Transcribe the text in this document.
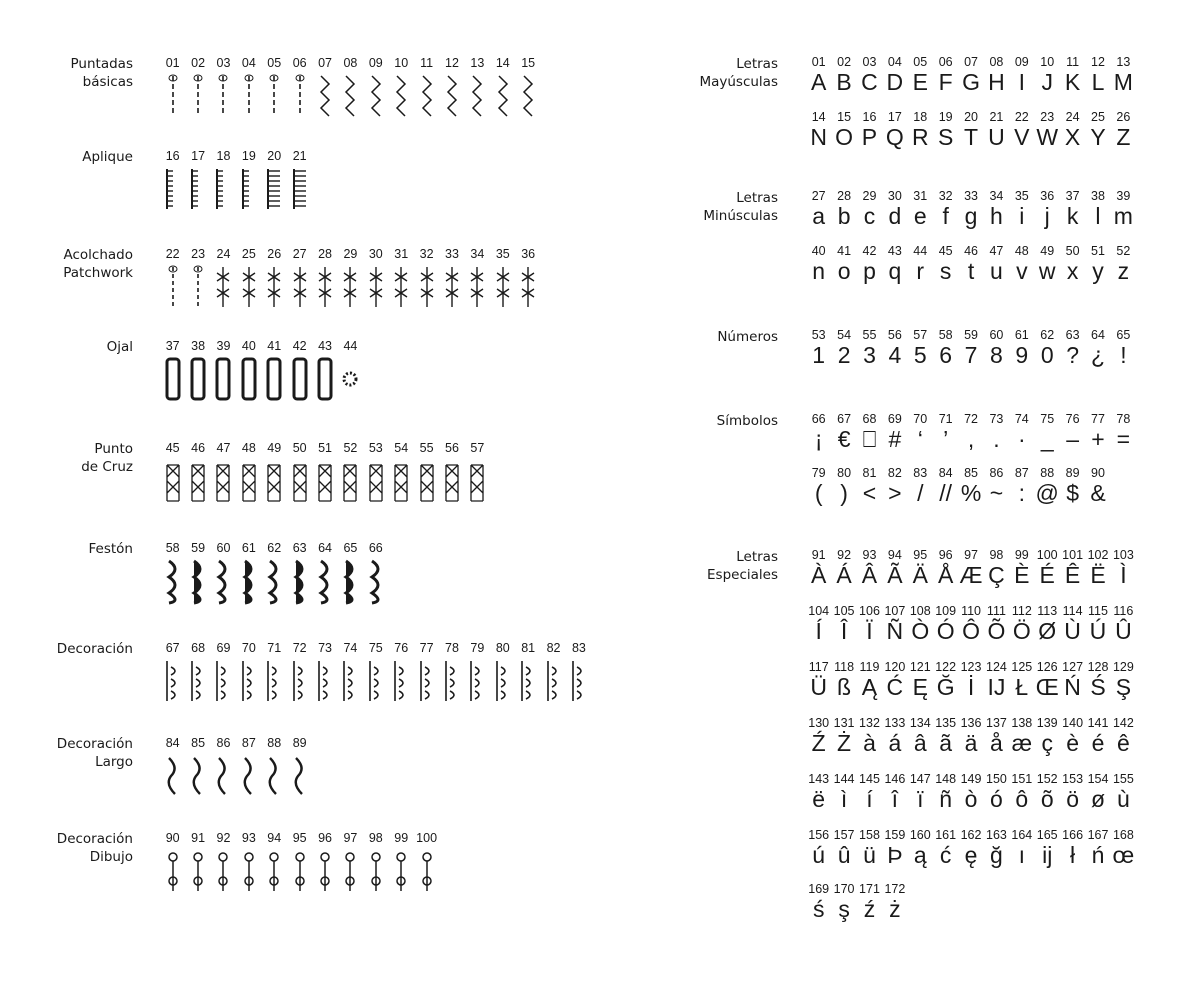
Puntadas
básicas
01 02 03 04 05 06 07 08 09 10 11 12 13 14 15
Aplique	16 17 18 19 20 21
Acolchado
Patchwork
22 23 24 25 26 27 28 29 30 31 32 33 34 35 36
Ojal	37 38 39 40 41 42 43 44
Punto
de Cruz
45 46 47 48 49 50 51 52 53 54 55 56 57
Festón	58 59 60 61 62 63 64 65 66
Decoración	67 68 69 70 71 72 73 74 75 76 77 78 79 80 81 82 83
Decoración
Largo
84 85 86 87 88 89
Decoración
Dibujo
90 91 92 93 94 95 96 97 98 99 100
Letras
Mayúsculas
01 02 03 04 05 06 07 08 09 10 11 12 13
A B C D E F G H I J K L M
14 15 16 17 18 19 20 21 22 23 24 25 26
N O P Q R S T U V W X Y Z
Letras
Minúsculas
27 28 29 30 31 32 33 34 35 36 37 38 39
a b c d e f g h i j k l m
40 41 42 43 44 45 46 47 48 49 50 51 52
n o p q r s t u v w x y z
Números	53 54 55 56 57 58 59 60 61 62 63 64 65
1 2 3 4 5 6 7 8 9 0 ? ¿ !
Símbolos	66 67 68 69 70 71 72 73 74 75 76 77 78
¡ € ⎕ # ‘ ’ , . · _ – + =
79 80 81 82 83 84 85 86 87 88 89 90
( ) < > / // % ~ : @ $ &
Letras
Especiales
91 92 93 94 95 96 97 98 99 100 101 102 103
À Á Â Ã Ä Å Æ Ç È É Ê Ë Ì
104 105 106 107 108 109 110 111 112 113 114 115 116
Í Î Ï Ñ Ò Ó Ô Õ Ö Ø Ù Ú Û
117 118 119 120 121 122 123 124 125 126 127 128 129
Ü ß Ą Ć Ę Ğ İ IJ Ł Œ Ń Ś Ş
130 131 132 133 134 135 136 137 138 139 140 141 142
Ź Ż à á â ã ä å æ ç è é ê
143 144 145 146 147 148 149 150 151 152 153 154 155
ë ì í î ï ñ ò ó ô õ ö ø ù
156 157 158 159 160 161 162 163 164 165 166 167 168
ú û ü Þ ą ć ę ğ ı ij ł ń œ
169 170 171 172
ś ş ź ż
